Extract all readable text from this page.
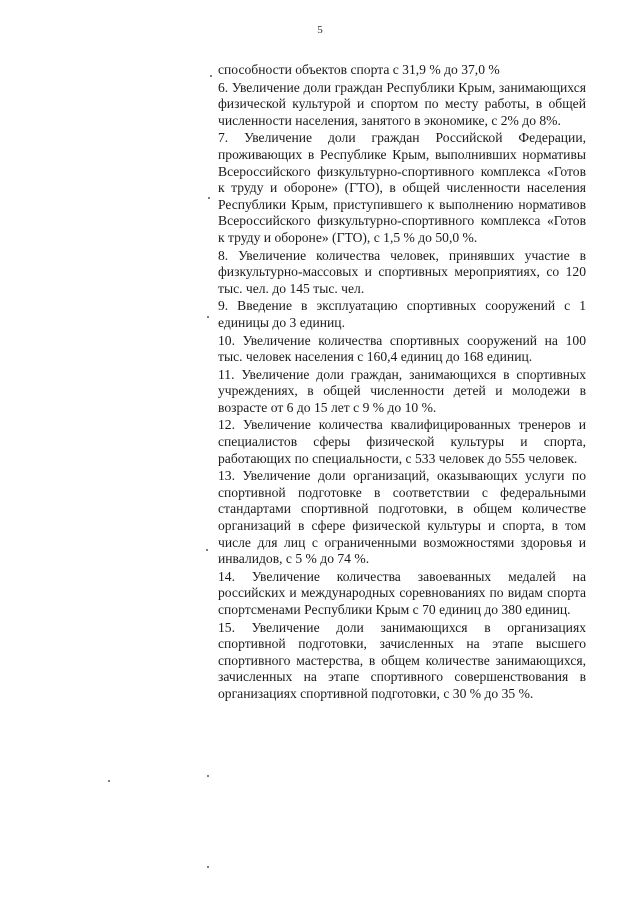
5

способности объектов спорта с 31,9 % до 37,0 %

6. Увеличение доли граждан Республики Крым, занимающихся физической культурой и спортом по месту работы, в общей численности населения, занятого в экономике, с 2% до 8%.

7. Увеличение доли граждан Российской Федерации, проживающих в Республике Крым, выполнивших нормативы Всероссийского физкультурно-спортивного комплекса «Готов к труду и обороне» (ГТО), в общей численности населения Республики Крым, приступившего к выполнению нормативов Всероссийского физкультурно-спортивного комплекса «Готов к труду и обороне» (ГТО), с 1,5 % до 50,0 %.

8. Увеличение количества человек, принявших участие в физкультурно-массовых и спортивных мероприятиях, со 120 тыс. чел. до 145 тыс. чел.

9. Введение в эксплуатацию спортивных сооружений с 1 единицы до 3 единиц.

10. Увеличение количества спортивных сооружений на 100 тыс. человек населения с 160,4 единиц до 168 единиц.

11. Увеличение доли граждан, занимающихся в спортивных учреждениях, в общей численности детей и молодежи в возрасте от 6 до 15 лет с 9 % до 10 %.

12. Увеличение количества квалифицированных тренеров и специалистов сферы физической культуры и спорта, работающих по специальности, с 533 человек до 555 человек.

13. Увеличение доли организаций, оказывающих услуги по спортивной подготовке в соответствии с федеральными стандартами спортивной подготовки, в общем количестве организаций в сфере физической культуры и спорта, в том числе для лиц с ограниченными возможностями здоровья и инвалидов, с 5 % до 74 %.

14. Увеличение количества завоеванных медалей на российских и международных соревнованиях по видам спорта спортсменами Республики Крым с 70 единиц до 380 единиц.

15. Увеличение доли занимающихся в организациях спортивной подготовки, зачисленных на этапе высшего спортивного мастерства, в общем количестве занимающихся, зачисленных на этапе спортивного совершенствования в организациях спортивной подготовки, с 30 % до 35 %.
